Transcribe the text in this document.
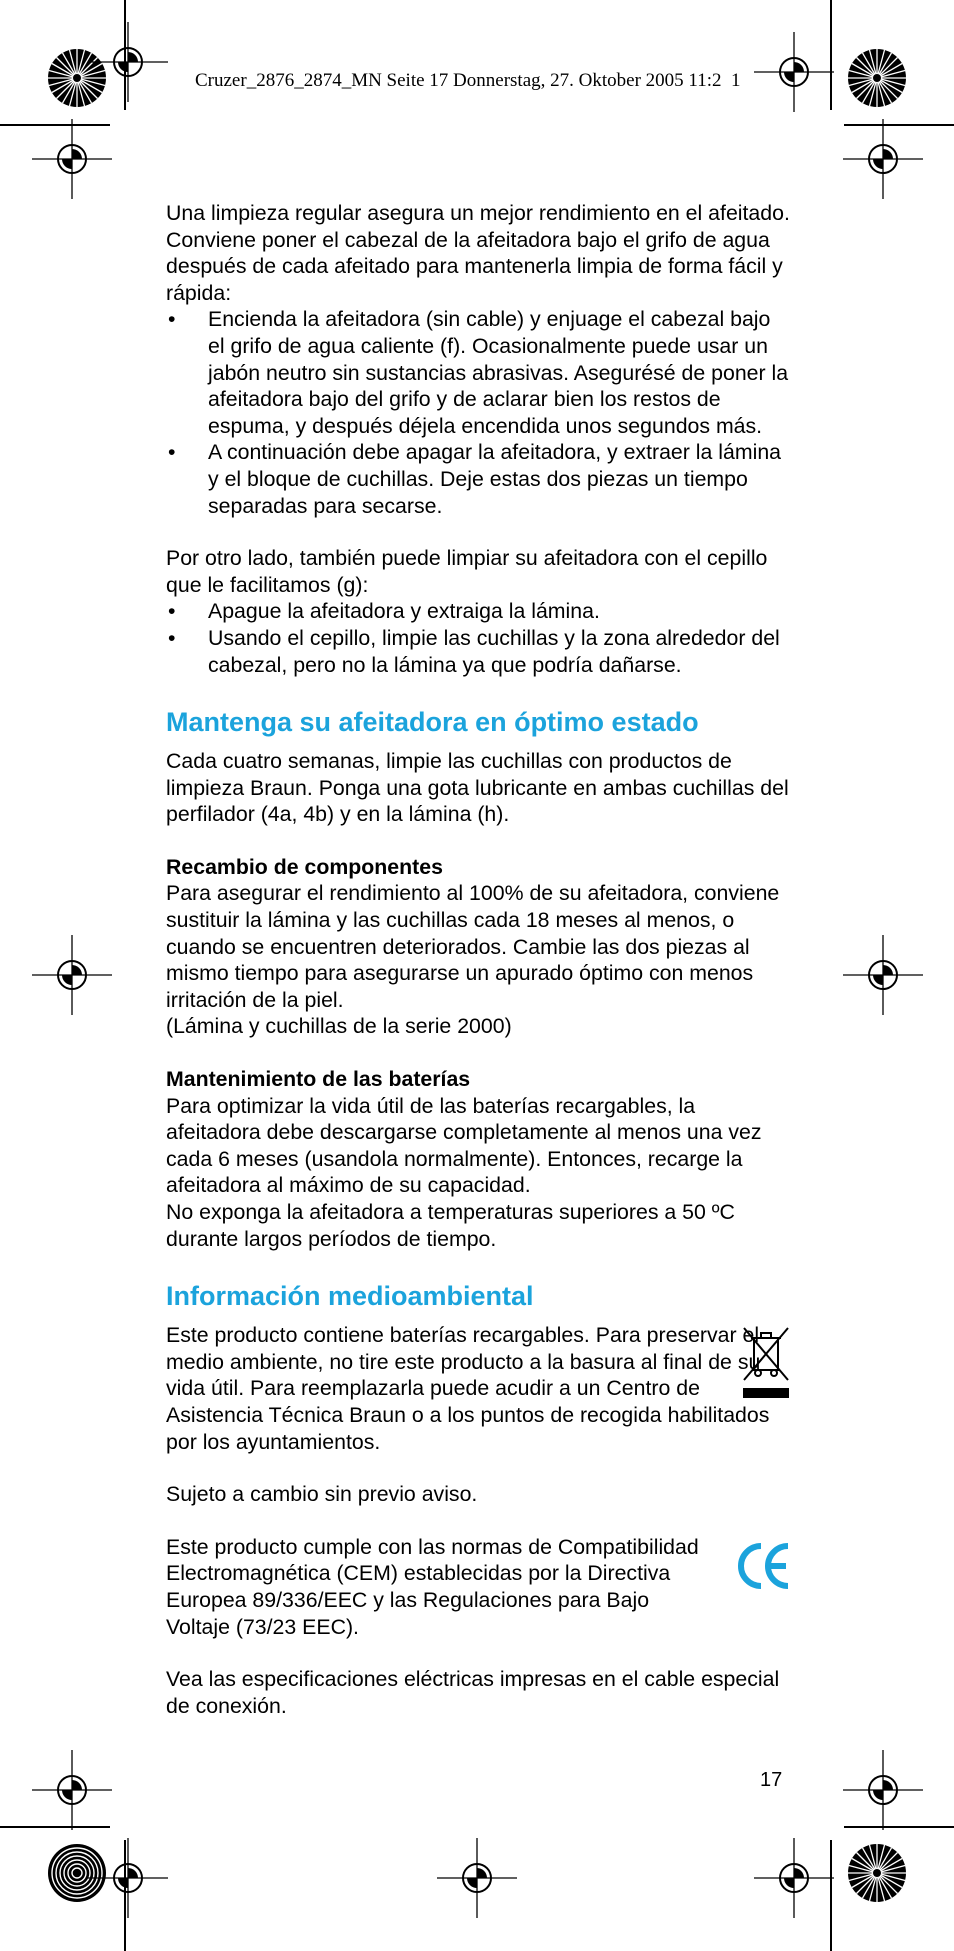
Cruzer_2876_2874_MN Seite 17 Donnerstag, 27. Oktober 2005 11:2  1

Una limpieza regular asegura un mejor rendimiento en el afeitado. Conviene poner el cabezal de la afeitadora bajo el grifo de agua después de cada afeitado para mantenerla limpia de forma fácil y rápida:

• Encienda la afeitadora (sin cable) y enjuage el cabezal bajo el grifo de agua caliente (f). Ocasionalmente puede usar un jabón neutro sin sustancias abrasivas. Asegurésé de poner la afeitadora bajo del grifo y de aclarar bien los restos de espuma, y después déjela encendida unos segundos más.
• A continuación debe apagar la afeitadora, y extraer la lámina y el bloque de cuchillas. Deje estas dos piezas un tiempo separadas para secarse.

Por otro lado, también puede limpiar su afeitadora con el cepillo que le facilitamos (g):

• Apague la afeitadora y extraiga la lámina.
• Usando el cepillo, limpie las cuchillas y la zona alrededor del cabezal, pero no la lámina ya que podría dañarse.
Mantenga su afeitadora en óptimo estado

Cada cuatro semanas, limpie las cuchillas con productos de limpieza Braun. Ponga una gota lubricante en ambas cuchillas del perfilador (4a, 4b) y en la lámina (h).

Recambio de componentes

Para asegurar el rendimiento al 100% de su afeitadora, conviene sustituir la lámina y las cuchillas cada 18 meses al menos, o cuando se encuentren deteriorados. Cambie las dos piezas al mismo tiempo para asegurarse un apurado óptimo con menos irritación de la piel.

(Lámina y cuchillas de la serie 2000)

Mantenimiento de las baterías

Para optimizar la vida útil de las baterías recargables, la afeitadora debe descargarse completamente al menos una vez cada 6 meses (usandola normalmente). Entonces, recarge la afeitadora al máximo de su capacidad.

No exponga la afeitadora a temperaturas superiores a 50 ºC durante largos períodos de tiempo.

Información medioambiental

Este producto contiene baterías recargables. Para preservar el medio ambiente, no tire este producto a la basura al final de su vida útil. Para reemplazarla puede acudir a un Centro de Asistencia Técnica Braun o a los puntos de recogida habilitados por los ayuntamientos.

Sujeto a cambio sin previo aviso.

Este producto cumple con las normas de Compatibilidad Electromagnética (CEM) establecidas por la Directiva Europea 89/336/EEC y las Regulaciones para Bajo Voltaje (73/23 EEC).

Vea las especificaciones eléctricas impresas en el cable especial de conexión.

17
